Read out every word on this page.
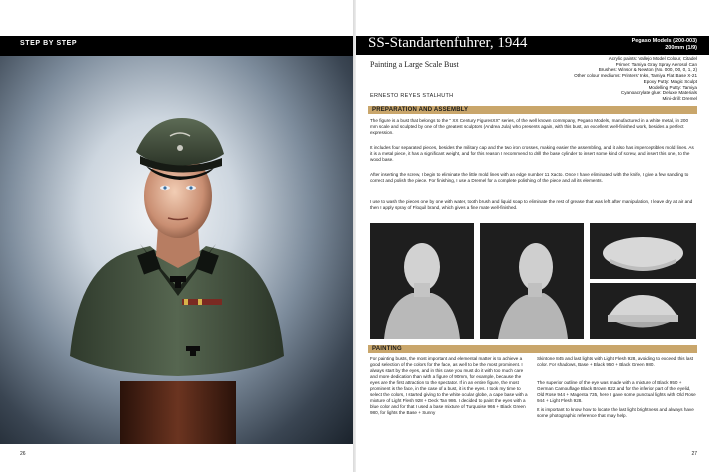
STEP BY STEP
26
SS-Standartenfuhrer, 1944	Pegaso Models (200-003)
200mm (1/9)
Painting a Large Scale Bust
Acrylic paints: Vallejo Model Colour, Citadel
Primer: Tamiya Gray Spray Aerosol Can
Brushes: Winsor & Newton (No. 000, 00, 0, 1, 2)
Other colour mediums: Printers' Inks, Tamiya Flat Base X-21
Epoxy Putty: Magic Sculpt
Modelling Putty: Tamiya
Cyanoacrylate glue: Deluxe Materials
Mini-drill: Dremel
ERNESTO REYES STALHUTH
PREPARATION AND ASSEMBLY
The figure is a bust that belongs to the " XX Century FiguresXX" series, of the well known commpany, Pegaso Models, manufactured in a white metal, in 200 mm scale and sculpted by one of the greatest sculptors (Andrea Jula) who presents again, with this bust, an excellent well-finished work, besides a perfect expression.
It includes four separated pieces, besides the military cap and the two iron crosses, making easier the assembling, and it also has imperceptibles mold lines. As it is a metal piece, it has a significant weight, and for this reason I recommend to drill the base cylinder to insert some kind of screw, and insert this one, to the wood base.
After inserting the screw, I begin to eliminate the little mold lines with an edge number 11 Xacto. Once I have eliminated with the knife, I give a few sanding to correct and polish the piece. For finishing, I use a Dremel for a complete polishing of the piece and all its elements.
I use to wash the pieces one by one with water, tooth brush and liquid soap to eliminate the rest of grease that was left after manipulation, I leave dry at air and then I apply spray of Floquil brand, which gives a fine mate well-finished.
PAINTING
For painting busts, the most important and elemental matter is to achieve a good selection of the colors for the face, as well to be the most prominent. I always start by the eyes, and in this case you must do it with too much care and more dedication than with a figure of 90mm, for example, because the eyes are the first attraction to the spectator. If in an entire figure, the most prominent is the face, in the case of a bust, it is the eyes. I took my time to select the colors, I started giving to the white ocular globe, a cape base with a mixture of Light Flesh 928 + Deck Tan 986. I decided to paint the eyes with a blue color and for that I used a base mixture of Turquoise 966 + Black Green 980, for lights the Base + Sunny
Skintone 845 and last lights with Light Flesh 928, avoiding to exceed this last color. For shadows, Base + Black 950 + Black Green 980.
The superior outline of the eye was made with a mixture of Black 950 + German Camouflage Black Brown 822 and for the inferior part of the eyelid, Old Rose 944 + Magenta 735, here I gave some punctual lights with Old Rose 944 + Light Flesh 928.
It is important to know how to locate the last light brightness and always have some photographic reference that may help.
27
